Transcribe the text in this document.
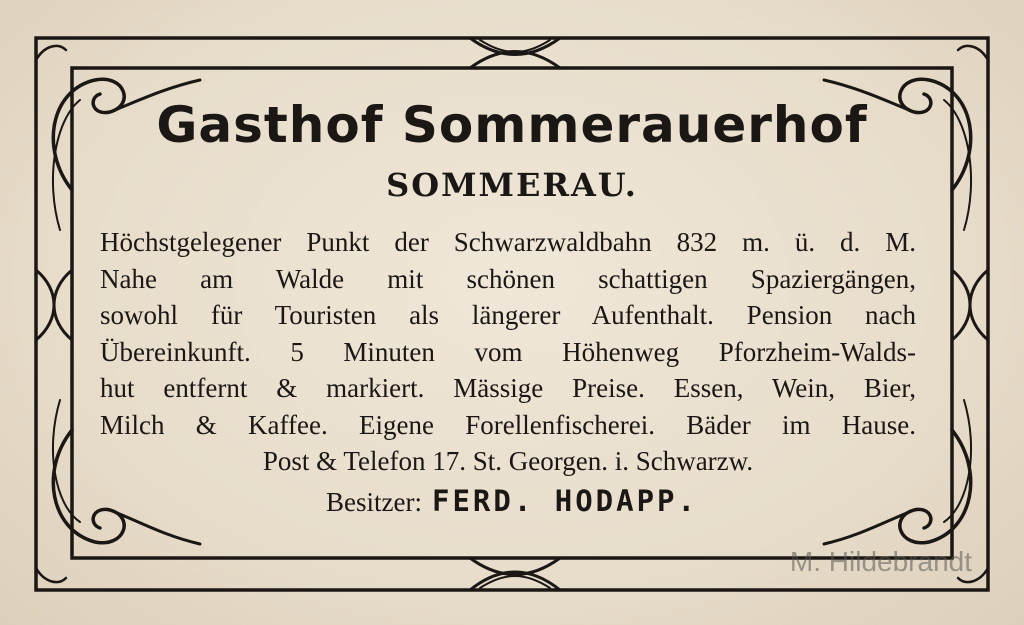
Gasthof Sommerauerhof
SOMMERAU.
Höchstgelegener Punkt der Schwarzwaldbahn 832 m. ü. d. M.
Nahe am Walde mit schönen schattigen Spaziergängen,
sowohl für Touristen als längerer Aufenthalt. Pension nach
Übereinkunft. 5 Minuten vom Höhenweg Pforzheim-Walds-
hut entfernt & markiert. Mässige Preise. Essen, Wein, Bier,
Milch & Kaffee. Eigene Forellenfischerei. Bäder im Hause.
Post & Telefon 17. St. Georgen. i. Schwarzw.
Besitzer: FERD. HODAPP.
M. Hildebrandt
